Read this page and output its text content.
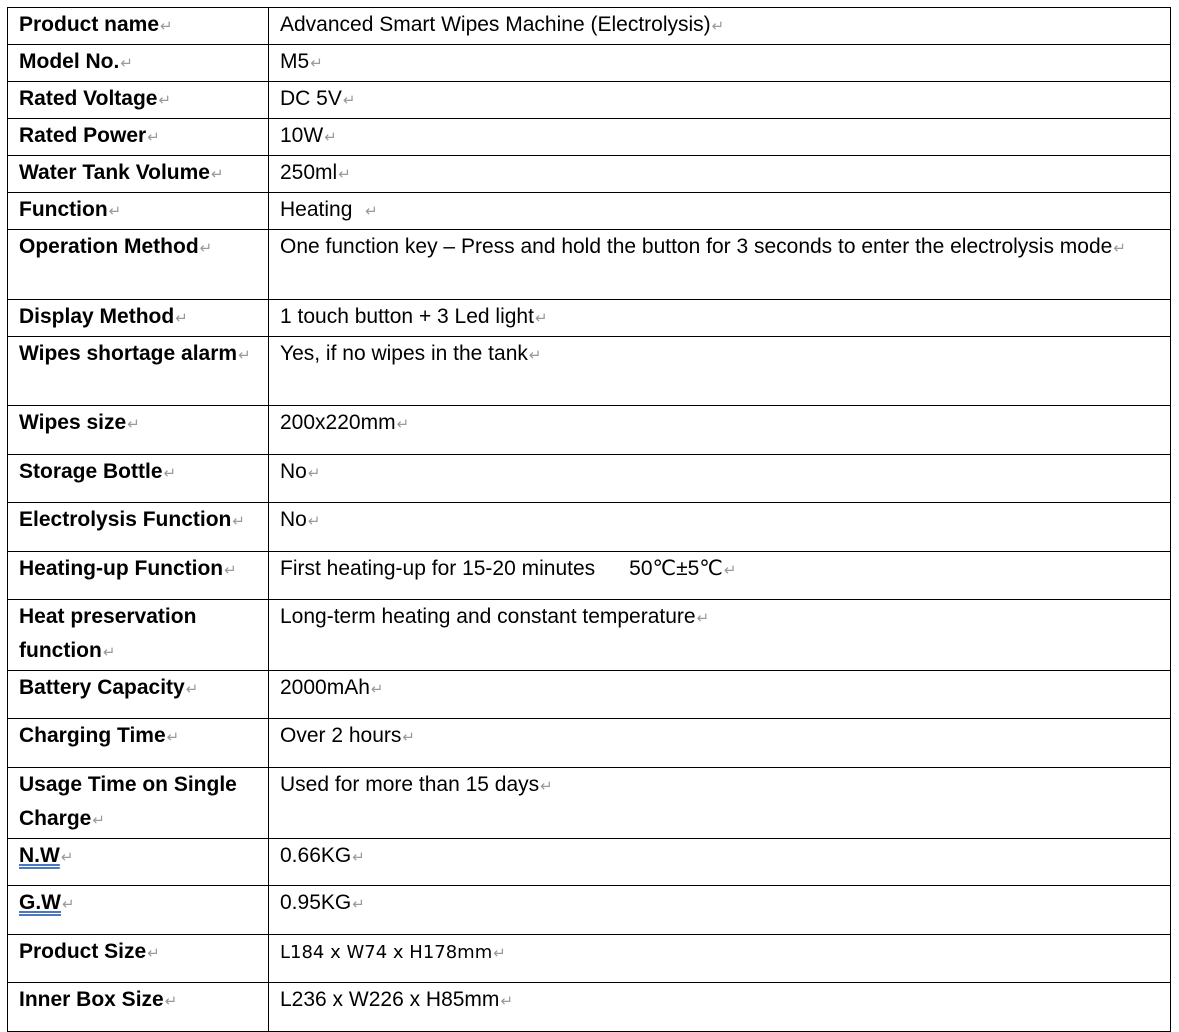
Product name↵	Advanced Smart Wipes Machine (Electrolysis)↵
Model No.↵	M5↵
Rated Voltage↵	DC 5V↵
Rated Power↵	10W↵
Water Tank Volume↵	250ml↵
Function↵	Heating  ↵
Operation Method↵	One function key – Press and hold the button for 3 seconds to enter the electrolysis mode↵
Display Method↵	1 touch button + 3 Led light↵
Wipes shortage alarm↵	Yes, if no wipes in the tank↵
Wipes size↵	200x220mm↵
Storage Bottle↵	No↵
Electrolysis Function↵	No↵
Heating-up Function↵	First heating-up for 15-20 minutes 50℃±5℃↵
Heat preservation function↵	Long-term heating and constant temperature↵
Battery Capacity↵	2000mAh↵
Charging Time↵	Over 2 hours↵
Usage Time on Single Charge↵	Used for more than 15 days↵
N.W↵	0.66KG↵
G.W↵	0.95KG↵
Product Size↵	L184 x W74 x H178mm↵
Inner Box Size↵	L236 x W226 x H85mm↵
